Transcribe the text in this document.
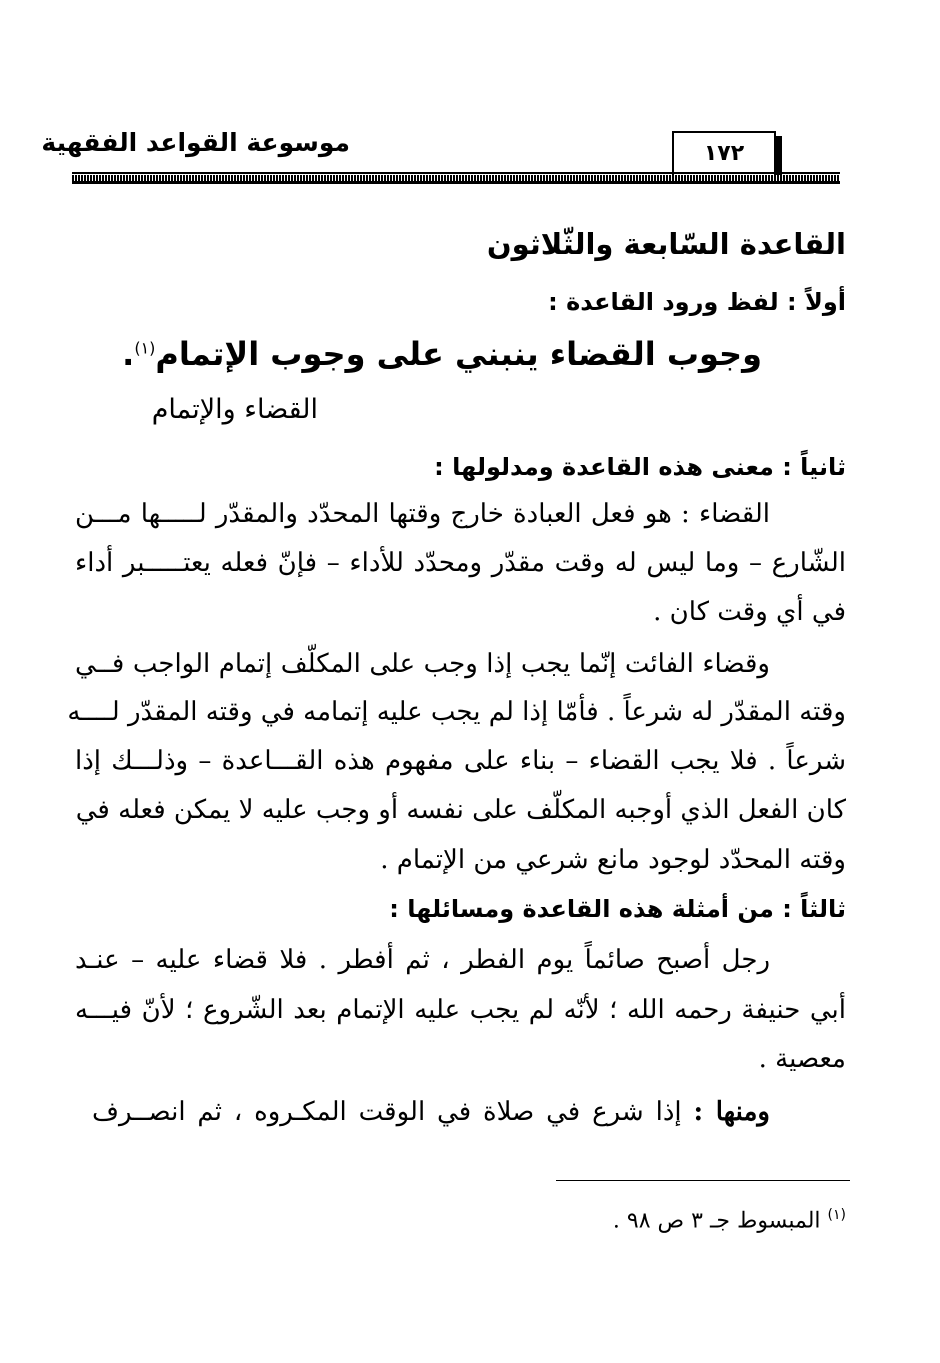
موسوعة القواعد الفقهية	١٧٢
القاعدة السّابعة والثّلاثون
أولاً : لفظ ورود القاعدة :
وجوب القضاء ينبني على وجوب الإتمام$^{(١)}$.
القضاء والإتمام
ثانياً : معنى هذه القاعدة ومدلولها :
القضاء : هو فعل العبادة خارج وقتها المحدّد والمقدّر لـــــها مـــن
الشّارع – وما ليس له وقت مقدّر ومحدّد للأداء – فإنّ فعله يعتـــــبر أداء
في أي وقت كان .
وقضاء الفائت إنّما يجب إذا وجب على المكلّف إتمام الواجب فــي
وقته المقدّر له شرعاً . فأمّا إذا لم يجب عليه إتمامه في وقته المقدّر لــــه
شرعاً . فلا يجب القضاء – بناء على مفهوم هذه القـــاعدة – وذلـــك إذا
كان الفعل الذي أوجبه المكلّف على نفسه أو وجب عليه لا يمكن فعله في
وقته المحدّد لوجود مانع شرعي من الإتمام .
ثالثاً : من أمثلة هذه القاعدة ومسائلها :
رجل أصبح صائماً يوم الفطر ، ثم أفطر . فلا قضاء عليه – عنـد
أبي حنيفة رحمه الله ؛ لأنّه لم يجب عليه الإتمام بعد الشّروع ؛ لأنّ فيـــه
معصية .
ومنها : إذا شرع في صلاة في الوقت المكـروه ، ثم انصــرف
$^{(١)}$ المبسوط جـ ٣ ص ٩٨ .
